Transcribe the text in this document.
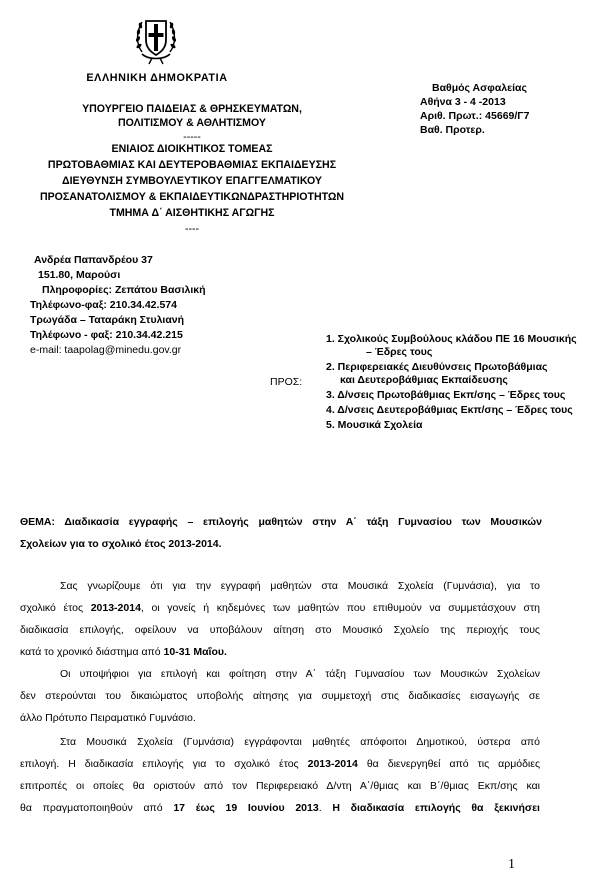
ΕΛΛΗΝΙΚΗ ΔΗΜΟΚΡΑΤΙΑ
ΥΠΟΥΡΓΕΙΟ ΠΑΙΔΕΙΑΣ & ΘΡΗΣΚΕΥΜΑΤΩΝ,
ΠΟΛΙΤΙΣΜΟΥ & ΑΘΛΗΤΙΣΜΟΥ
-----
ΕΝΙΑΙΟΣ ΔΙΟΙΚΗΤΙΚΟΣ ΤΟΜΕΑΣ
ΠΡΩΤΟΒΑΘΜΙΑΣ ΚΑΙ ΔΕΥΤΕΡΟΒΑΘΜΙΑΣ ΕΚΠΑΙΔΕΥΣΗΣ
ΔΙΕΥΘΥΝΣΗ ΣΥΜΒΟΥΛΕΥΤΙΚΟΥ ΕΠΑΓΓΕΛΜΑΤΙΚΟΥ
ΠΡΟΣΑΝΑΤΟΛΙΣΜΟΥ & ΕΚΠΑΙΔΕΥΤΙΚΩΝΔΡΑΣΤΗΡΙΟΤΗΤΩΝ
ΤΜΗΜΑ Δ΄ ΑΙΣΘΗΤΙΚΗΣ ΑΓΩΓΗΣ
----
Βαθμός Ασφαλείας
Αθήνα 3 - 4 -2013
Αριθ. Πρωτ.: 45669/Γ7
Βαθ. Προτερ.
Ανδρέα Παπανδρέου 37
151.80, Μαρούσι
Πληροφορίες: Ζεπάτου Βασιλική
Τηλέφωνο-φαξ: 210.34.42.574
Τρωγάδα – Ταταράκη Στυλιανή
Τηλέφωνο - φαξ: 210.34.42.215
e-mail: taapolag@minedu.gov.gr
ΠΡΟΣ:
1. Σχολικούς Συμβούλους κλάδου ΠΕ 16 Μουσικής
– Έδρες τους
2. Περιφερειακές Διευθύνσεις Πρωτοβάθμιας
και Δευτεροβάθμιας Εκπαίδευσης
3. Δ/νσεις Πρωτοβάθμιας Εκπ/σης – Έδρες τους
4. Δ/νσεις Δευτεροβάθμιας Εκπ/σης – Έδρες τους
5. Μουσικά Σχολεία
ΘΕΜΑ: Διαδικασία εγγραφής – επιλογής μαθητών στην Α΄ τάξη Γυμνασίου των Μουσικών
Σχολείων για το σχολικό έτος 2013-2014.
Σας γνωρίζουμε ότι για την εγγραφή μαθητών στα Μουσικά Σχολεία (Γυμνάσια), για το
σχολικό έτος 2013-2014, οι γονείς ή κηδεμόνες των μαθητών που επιθυμούν να συμμετάσχουν στη
διαδικασία επιλογής, οφείλουν να υποβάλουν αίτηση στο Μουσικό Σχολείο της περιοχής τους
κατά το χρονικό διάστημα από 10-31 Μαΐου.
Οι υποψήφιοι για επιλογή και φοίτηση στην Α΄ τάξη Γυμνασίου των Μουσικών Σχολείων
δεν στερούνται του δικαιώματος υποβολής αίτησης για συμμετοχή στις διαδικασίες εισαγωγής σε
άλλο Πρότυπο Πειραματικό Γυμνάσιο.
Στα Μουσικά Σχολεία (Γυμνάσια) εγγράφονται μαθητές απόφοιτοι Δημοτικού, ύστερα από
επιλογή. Η διαδικασία επιλογής για το σχολικό έτος 2013-2014 θα διενεργηθεί από τις αρμόδιες
επιτροπές οι οποίες θα οριστούν από τον Περιφερειακό Δ/ντη Α΄/θμιας και Β΄/θμιας Εκπ/σης και
θα πραγματοποιηθούν από 17 έως 19 Ιουνίου 2013. Η διαδικασία επιλογής θα ξεκινήσει
1
